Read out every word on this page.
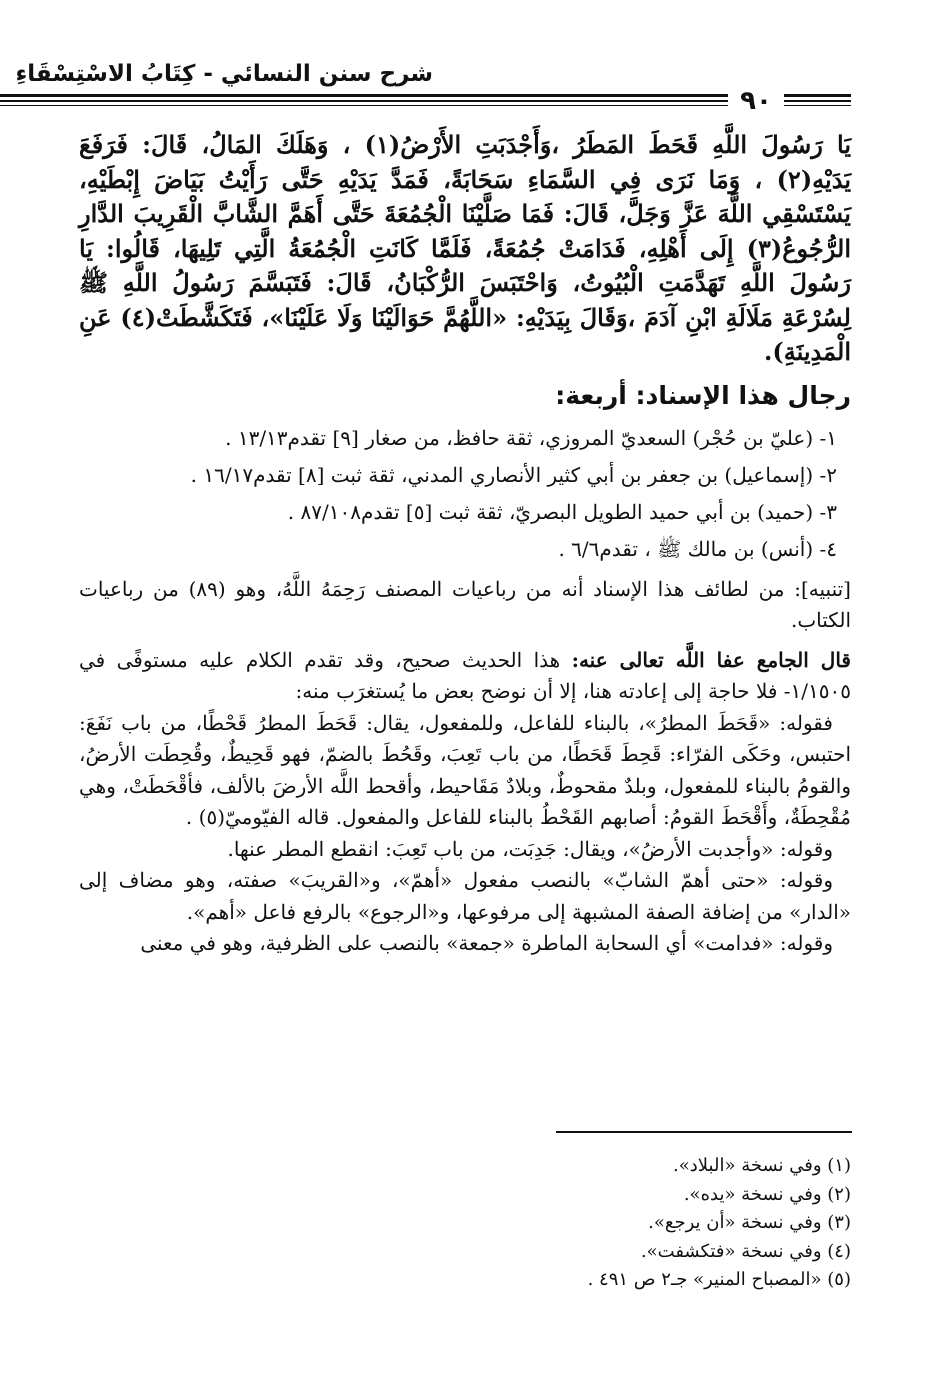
شرح سنن النسائي - كِتَابُ الاسْتِسْقَاءِ
٩٠

يَا رَسُولَ اللَّهِ قَحَطَ المَطَرُ ،وَأَجْدَبَتِ الأَرْضُ(١) ، وَهَلَكَ المَالُ، قَالَ: فَرَفَعَ يَدَيْهِ(٢) ، وَمَا نَرَى فِي السَّمَاءِ سَحَابَةً، فَمَدَّ يَدَيْهِ حَتَّى رَأَيْتُ بَيَاضَ إِبْطَيْهِ، يَسْتَسْقِي اللَّهَ عَزَّ وَجَلَّ، قَالَ: فَمَا صَلَّيْنَا الْجُمُعَةَ حَتَّى أَهَمَّ الشَّابَّ الْقَرِيبَ الدَّارِ الرُّجُوعُ(٣) إِلَى أَهْلِهِ، فَدَامَتْ جُمُعَةً، فَلَمَّا كَانَتِ الْجُمُعَةُ الَّتِي تَلِيهَا، قَالُوا: يَا رَسُولَ اللَّهِ تَهَدَّمَتِ الْبُيُوتُ، وَاحْتَبَسَ الرُّكْبَانُ، قَالَ: فَتَبَسَّمَ رَسُولُ اللَّهِ ﷺ لِسُرْعَةِ مَلَالَةِ ابْنِ آدَمَ ،وَقَالَ بِيَدَيْهِ: «اللَّهُمَّ حَوَالَيْنَا وَلَا عَلَيْنَا»، فَتَكَشَّطَتْ(٤) عَنِ الْمَدِينَةِ).

رجال هذا الإسناد: أربعة:
١- (عليّ بن حُجْر) السعديّ المروزي، ثقة حافظ، من صغار [٩] تقدم١٣/١٣ .
٢- (إسماعيل) بن جعفر بن أبي كثير الأنصاري المدني، ثقة ثبت [٨] تقدم١٦/١٧ .
٣- (حميد) بن أبي حميد الطويل البصريّ، ثقة ثبت [٥] تقدم٨٧/١٠٨ .
٤- (أنس) بن مالك ﷺ ، تقدم٦/٦ .

[تنبيه]: من لطائف هذا الإسناد أنه من رباعيات المصنف رَحِمَهُ اللَّهُ، وهو (٨٩) من رباعيات الكتاب.

قال الجامع عفا اللَّه تعالى عنه: هذا الحديث صحيح، وقد تقدم الكلام عليه مستوفًى في ١/١٥٠٥- فلا حاجة إلى إعادته هنا، إلا أن نوضح بعض ما يُستغرَب منه:

فقوله: «قَحَطَ المطرُ»، بالبناء للفاعل، وللمفعول، يقال: قَحَطَ المطرُ قَحْطًا، من باب نَفَعَ: احتبس، وحَكَى الفرّاء: قَحِطَ قَحَطًا، من باب تَعِبَ، وقَحُطَ بالضمّ، فهو قَحِيطٌ، وقُحِطَت الأرضُ، والقومُ بالبناء للمفعول، وبلدٌ مقحوطٌ، وبلادٌ مَقَاحيط، وأقحط اللَّه الأرضَ بالألف، فأقْحَطَتْ، وهي مُقْحِطَةٌ، وأَقْحَطَ القومُ: أصابهم القَحْطُ بالبناء للفاعل والمفعول. قاله الفيّوميّ(٥) .

وقوله: «وأجدبت الأرضُ»، ويقال: جَدِبَت، من باب تَعِبَ: انقطع المطر عنها.

وقوله: «حتى أهمّ الشابّ» بالنصب مفعول «أهمّ»، و«القريبَ» صفته، وهو مضاف إلى «الدار» من إضافة الصفة المشبهة إلى مرفوعها، و«الرجوع» بالرفع فاعل «أهم».

وقوله: «فدامت» أي السحابة الماطرة «جمعة» بالنصب على الظرفية، وهو في معنى

(١) وفي نسخة «البلاد».
(٢) وفي نسخة «يده».
(٣) وفي نسخة «أن يرجع».
(٤) وفي نسخة «فتكشفت».
(٥) «المصباح المنير» جـ٢ ص ٤٩١ .
